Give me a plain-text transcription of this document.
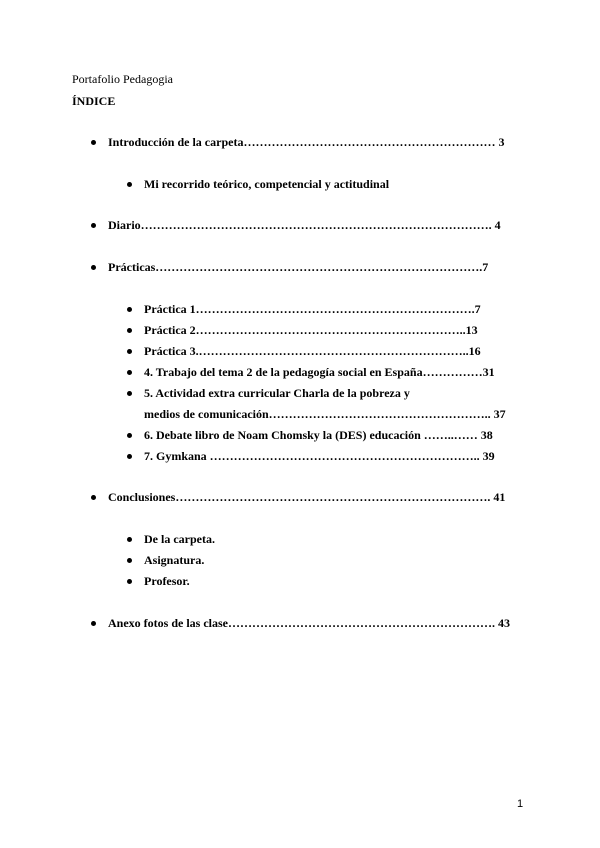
Portafolio Pedagogia
ÍNDICE
Introducción de la carpeta……………………………………………………… 3
Mi recorrido teórico, competencial y actitudinal
Diario……………………………………………………………………………. 4
Prácticas……………………………………………………………………….7
Práctica 1…………………………………………………………….7
Práctica 2…………………………………………………………..13
Práctica 3.…………………………………………………………..16
4. Trabajo del tema 2 de la pedagogía social en España……………31
5. Actividad extra curricular Charla de la pobreza y
medios de comunicación……………………………………………….. 37
6. Debate libro de Noam Chomsky la (DES) educación ……..…… 38
7. Gymkana ………………………………………………………….. 39
Conclusiones……………………………………………………………………. 41
De la carpeta.
Asignatura.
Profesor.
Anexo fotos de las clase…………………………………………………………. 43
1
